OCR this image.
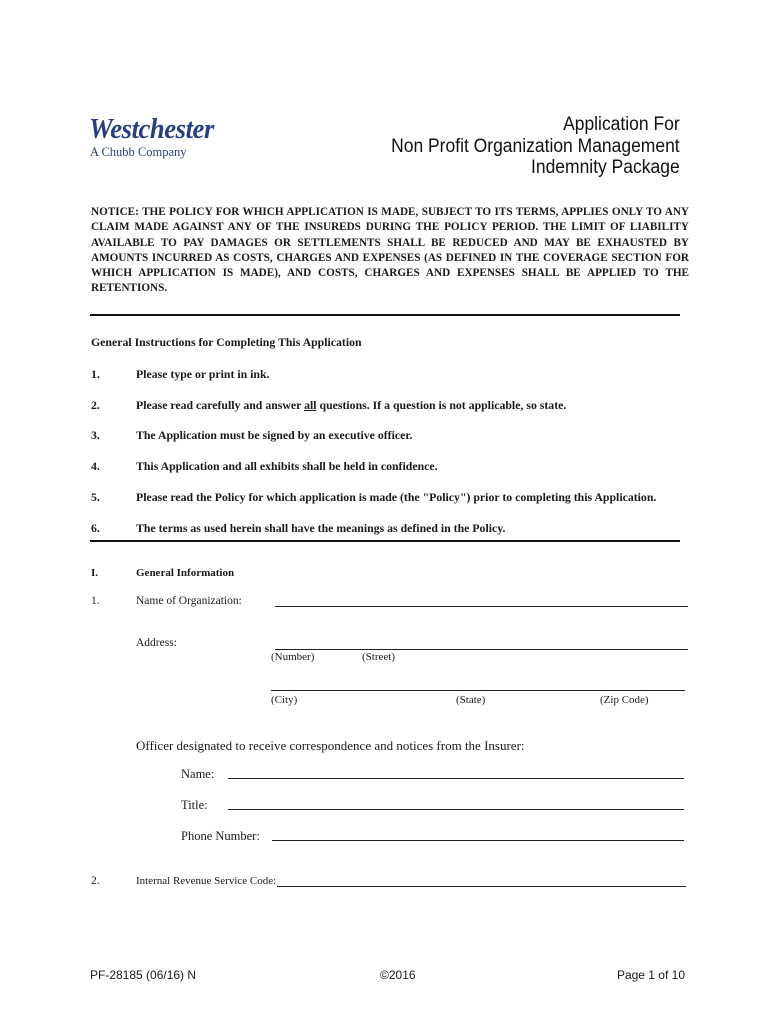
Westchester
A Chubb Company
Application For
Non Profit Organization Management
Indemnity Package
NOTICE: THE POLICY FOR WHICH APPLICATION IS MADE, SUBJECT TO ITS TERMS, APPLIES ONLY TO ANY CLAIM MADE AGAINST ANY OF THE INSUREDS DURING THE POLICY PERIOD. THE LIMIT OF LIABILITY AVAILABLE TO PAY DAMAGES OR SETTLEMENTS SHALL BE REDUCED AND MAY BE EXHAUSTED BY AMOUNTS INCURRED AS COSTS, CHARGES AND EXPENSES (AS DEFINED IN THE COVERAGE SECTION FOR WHICH APPLICATION IS MADE), AND COSTS, CHARGES AND EXPENSES SHALL BE APPLIED TO THE RETENTIONS.
General Instructions for Completing This Application
1.	Please type or print in ink.
2.	Please read carefully and answer all questions. If a question is not applicable, so state.
3.	The Application must be signed by an executive officer.
4.	This Application and all exhibits shall be held in confidence.
5.	Please read the Policy for which application is made (the "Policy") prior to completing this Application.
6.	The terms as used herein shall have the meanings as defined in the Policy.
I.	General Information
1.	Name of Organization:
Address:
(Number)	(Street)
(City)	(State)	(Zip Code)
Officer designated to receive correspondence and notices from the Insurer:
Name:
Title:
Phone Number:
2.	Internal Revenue Service Code:
PF-28185 (06/16) N	©2016	Page 1 of 10
